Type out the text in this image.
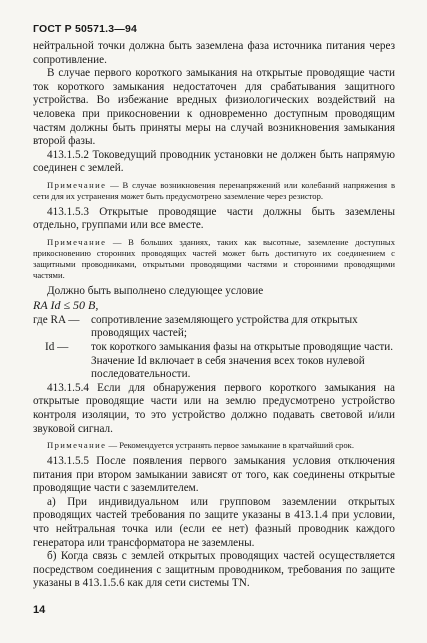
ГОСТ Р 50571.3—94

нейтральной точки должна быть заземлена фаза источника питания через сопротивление.

В случае первого короткого замыкания на открытые проводящие части ток короткого замыкания недостаточен для срабатывания защитного устройства. Во избежание вредных физиологических воздействий на человека при прикосновении к одновременно доступным проводящим частям должны быть приняты меры на случай возникновения замыкания второй фазы.

413.1.5.2 Токоведущий проводник установки не должен быть напрямую соединен с землей.

Примечание — В случае возникновения перенапряжений или колебаний напряжения в сети для их устранения может быть предусмотрено заземление через резистор.

413.1.5.3 Открытые проводящие части должны быть заземлены отдельно, группами или все вместе.

Примечание — В больших зданиях, таких как высотные, заземление доступных прикосновению сторонних проводящих частей может быть достигнуто их соединением с защитными проводниками, открытыми проводящими частями и сторонними проводящими частями.

Должно быть выполнено следующее условие

RA Id ≤ 50 В,

где RA —	сопротивление заземляющего устройства для открытых проводящих частей;
Id —	ток короткого замыкания фазы на открытые проводящие части. Значение Id включает в себя значения всех токов нулевой последовательности.

413.1.5.4 Если для обнаружения первого короткого замыкания на открытые проводящие части или на землю предусмотрено устройство контроля изоляции, то это устройство должно подавать световой и/или звуковой сигнал.

Примечание — Рекомендуется устранять первое замыкание в кратчайший срок.

413.1.5.5 После появления первого замыкания условия отключения питания при втором замыкании зависят от того, как соединены открытые проводящие части с заземлителем.

а) При индивидуальном или групповом заземлении открытых проводящих частей требования по защите указаны в 413.1.4 при условии, что нейтральная точка или (если ее нет) фазный проводник каждого генератора или трансформатора не заземлены.

б) Когда связь с землей открытых проводящих частей осуществляется посредством соединения с защитным проводником, требования по защите указаны в 413.1.5.6 как для сети системы TN.

14
